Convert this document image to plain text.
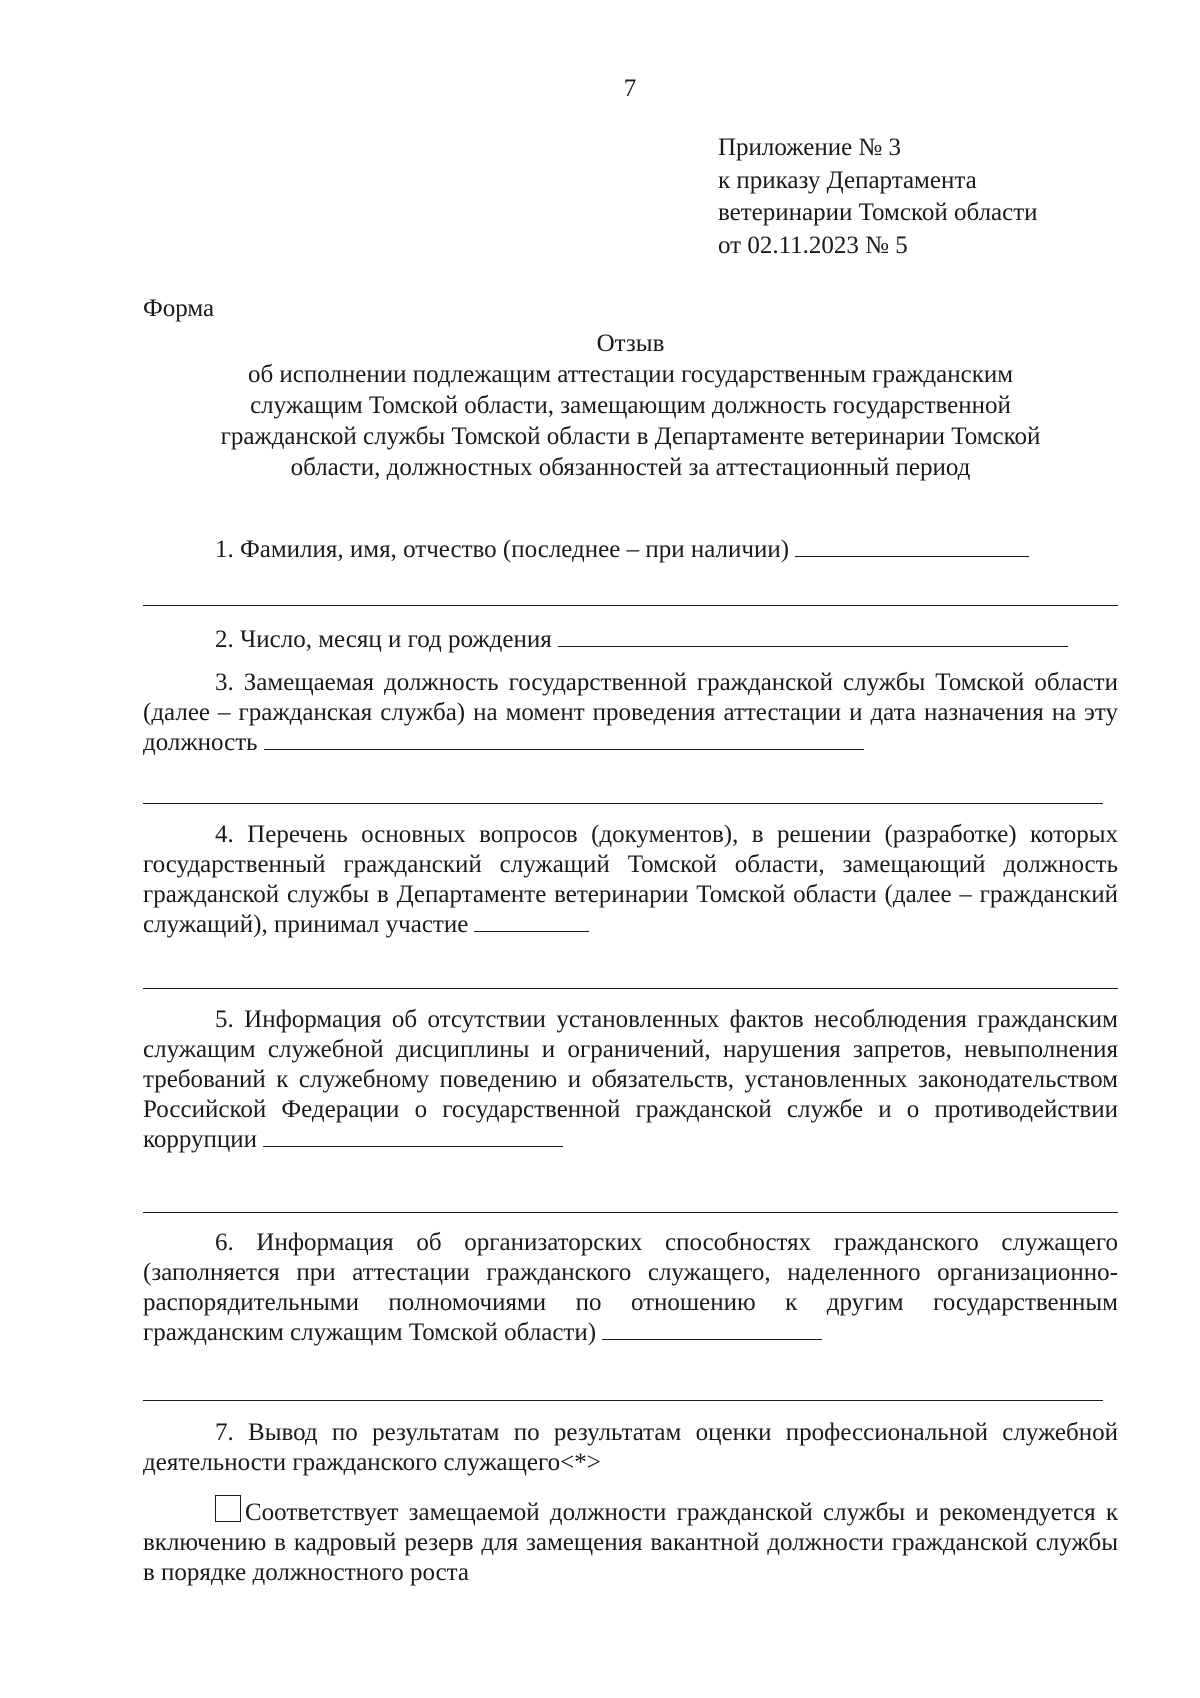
7
Приложение № 3
к приказу Департамента
ветеринарии Томской области
от 02.11.2023 № 5
Форма
Отзыв
об исполнении подлежащим аттестации государственным гражданским
служащим Томской области, замещающим должность государственной
гражданской службы Томской области в Департаменте ветеринарии Томской
области, должностных обязанностей за аттестационный период
1. Фамилия, имя, отчество (последнее – при наличии)
2. Число, месяц и год рождения
3. Замещаемая должность государственной гражданской службы Томской области (далее – гражданская служба) на момент проведения аттестации и дата назначения на эту должность
4. Перечень основных вопросов (документов), в решении (разработке) которых государственный гражданский служащий Томской области, замещающий должность гражданской службы в Департаменте ветеринарии Томской области (далее – гражданский служащий), принимал участие
5. Информация об отсутствии установленных фактов несоблюдения гражданским служащим служебной дисциплины и ограничений, нарушения запретов, невыполнения требований к служебному поведению и обязательств, установленных законодательством Российской Федерации о государственной гражданской службе и о противодействии коррупции
6. Информация об организаторских способностях гражданского служащего (заполняется при аттестации гражданского служащего, наделенного организационно-распорядительными полномочиями по отношению к другим государственным гражданским служащим Томской области)
7. Вывод по результатам по результатам оценки профессиональной служебной деятельности гражданского служащего<*>
Соответствует замещаемой должности гражданской службы и рекомендуется к включению в кадровый резерв для замещения вакантной должности гражданской службы в порядке должностного роста
